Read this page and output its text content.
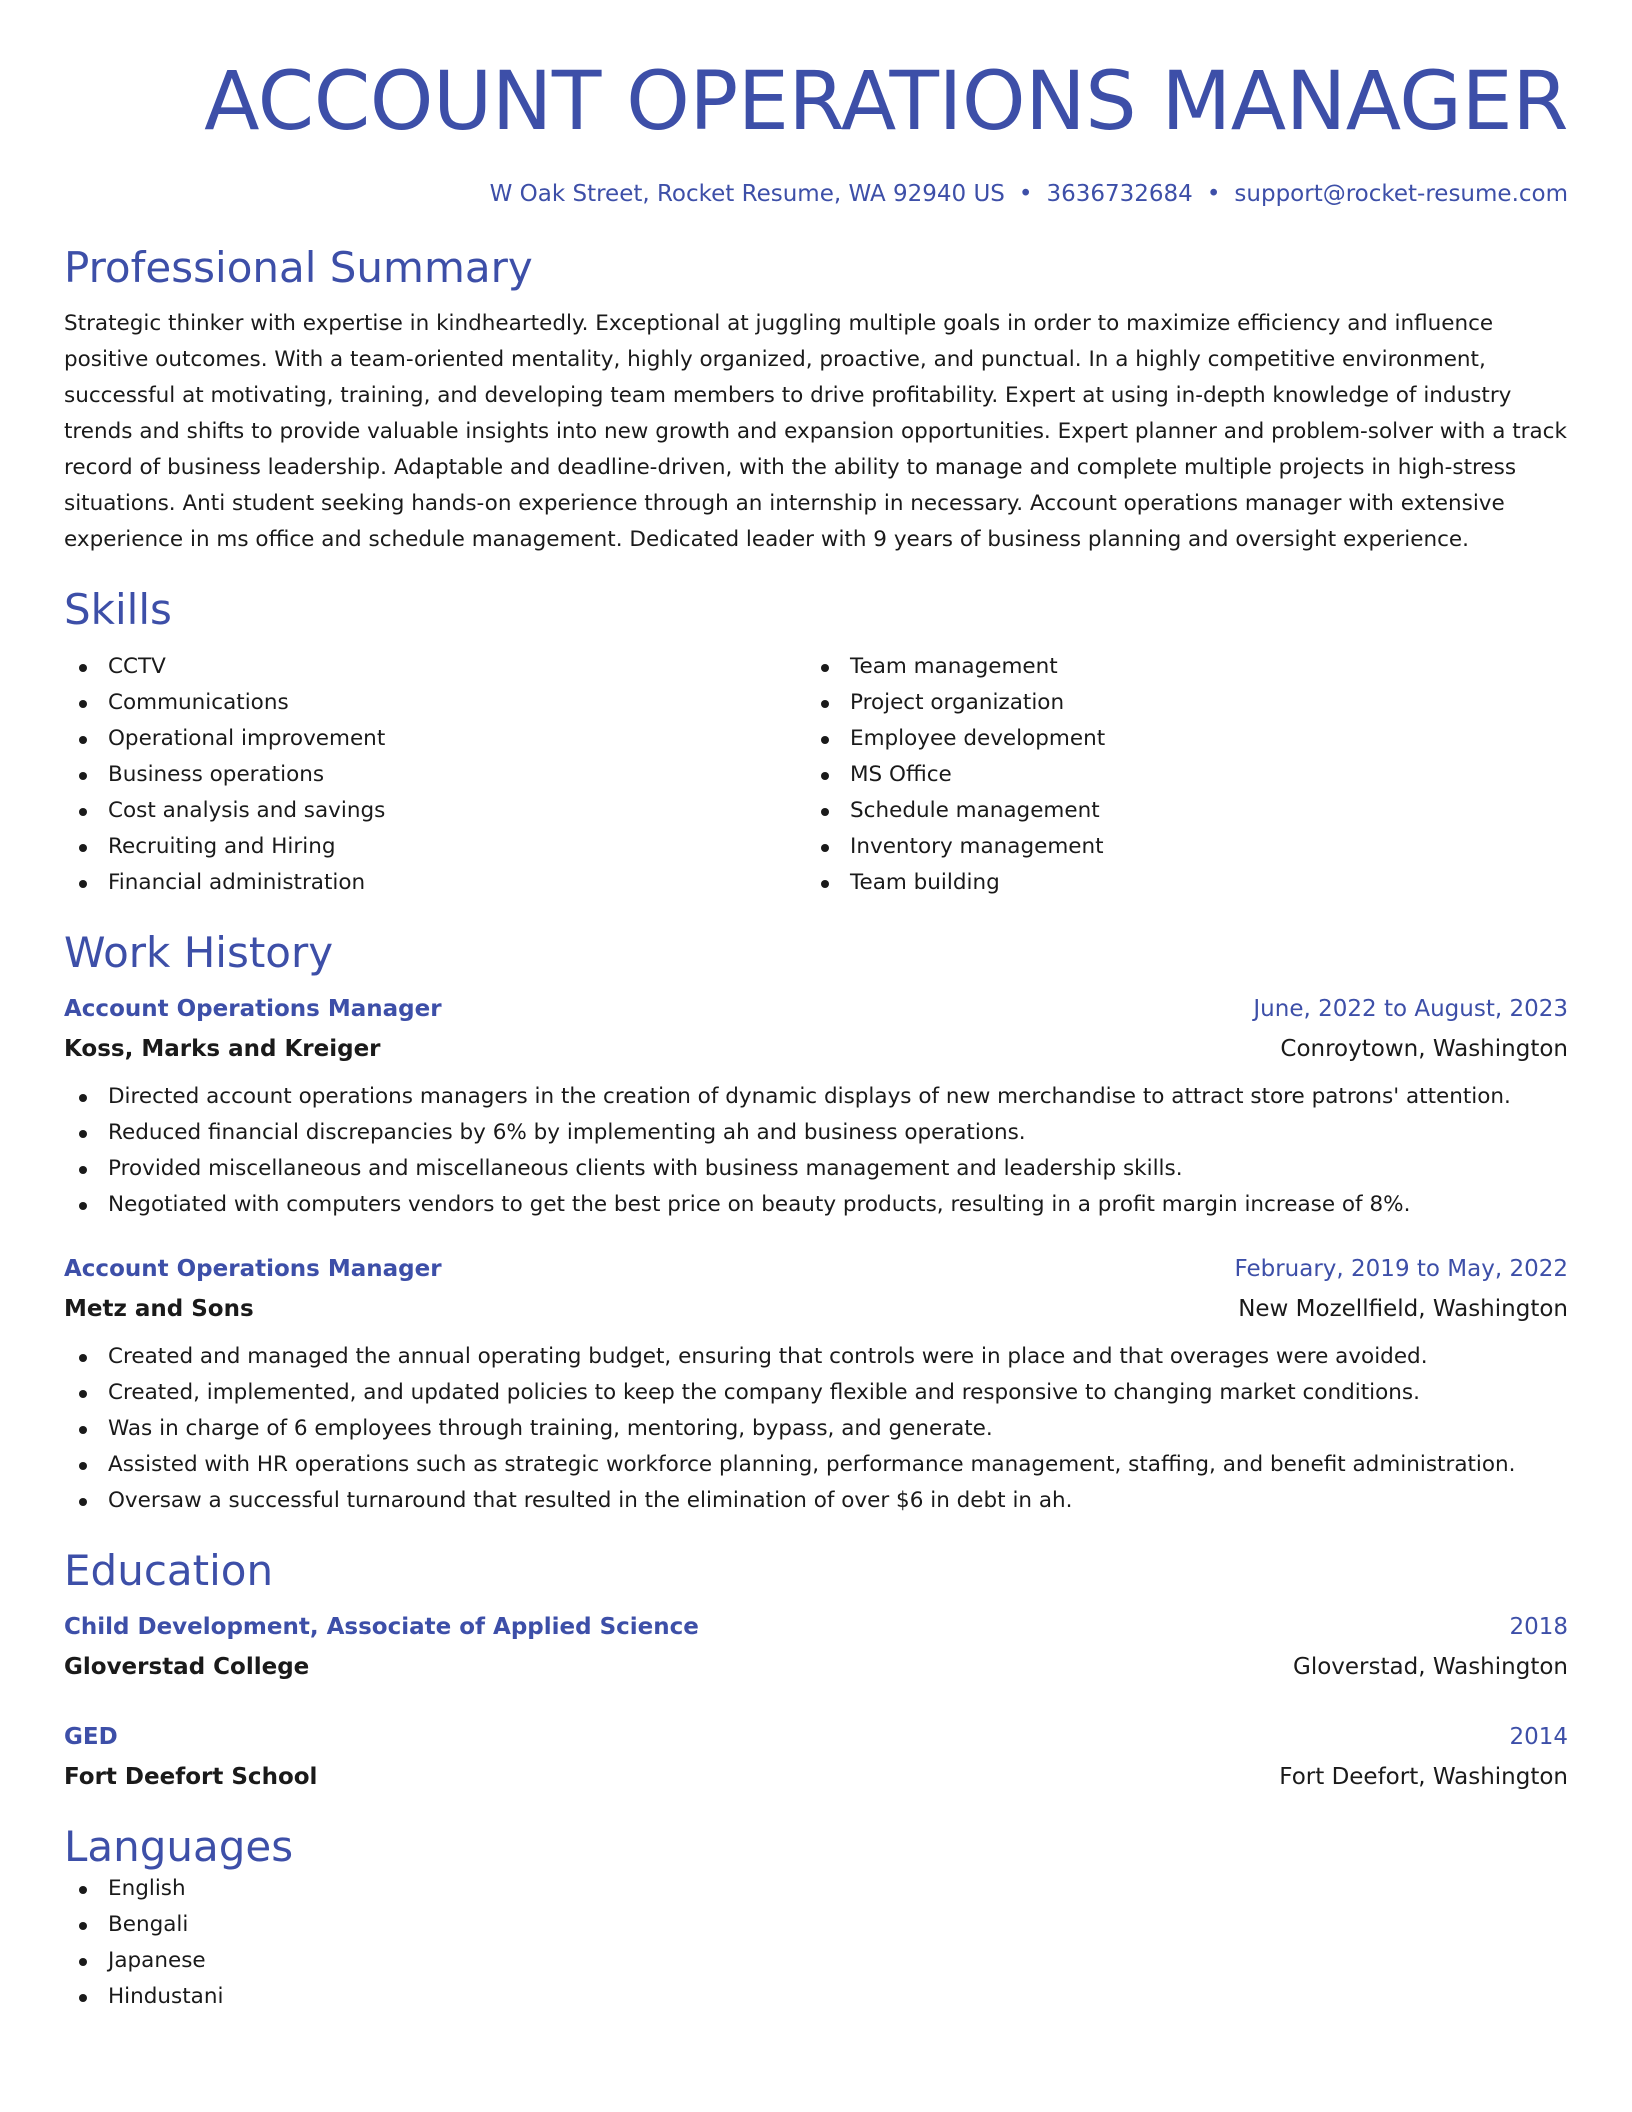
ACCOUNT OPERATIONS MANAGER
W Oak Street, Rocket Resume, WA 92940 US • 3636732684 • support@rocket-resume.com
Professional Summary
Strategic thinker with expertise in kindheartedly. Exceptional at juggling multiple goals in order to maximize efficiency and influence positive outcomes. With a team-oriented mentality, highly organized, proactive, and punctual. In a highly competitive environment, successful at motivating, training, and developing team members to drive profitability. Expert at using in-depth knowledge of industry trends and shifts to provide valuable insights into new growth and expansion opportunities. Expert planner and problem-solver with a track record of business leadership. Adaptable and deadline-driven, with the ability to manage and complete multiple projects in high-stress situations. Anti student seeking hands-on experience through an internship in necessary. Account operations manager with extensive experience in ms office and schedule management. Dedicated leader with 9 years of business planning and oversight experience.
Skills
CCTV
Communications
Operational improvement
Business operations
Cost analysis and savings
Recruiting and Hiring
Financial administration
Team management
Project organization
Employee development
MS Office
Schedule management
Inventory management
Team building
Work History
Account Operations Manager	June, 2022 to August, 2023
Koss, Marks and Kreiger	Conroytown, Washington
Directed account operations managers in the creation of dynamic displays of new merchandise to attract store patrons' attention.
Reduced financial discrepancies by 6% by implementing ah and business operations.
Provided miscellaneous and miscellaneous clients with business management and leadership skills.
Negotiated with computers vendors to get the best price on beauty products, resulting in a profit margin increase of 8%.
Account Operations Manager	February, 2019 to May, 2022
Metz and Sons	New Mozellfield, Washington
Created and managed the annual operating budget, ensuring that controls were in place and that overages were avoided.
Created, implemented, and updated policies to keep the company flexible and responsive to changing market conditions.
Was in charge of 6 employees through training, mentoring, bypass, and generate.
Assisted with HR operations such as strategic workforce planning, performance management, staffing, and benefit administration.
Oversaw a successful turnaround that resulted in the elimination of over $6 in debt in ah.
Education
Child Development, Associate of Applied Science	2018
Gloverstad College	Gloverstad, Washington
GED	2014
Fort Deefort School	Fort Deefort, Washington
Languages
English
Bengali
Japanese
Hindustani
